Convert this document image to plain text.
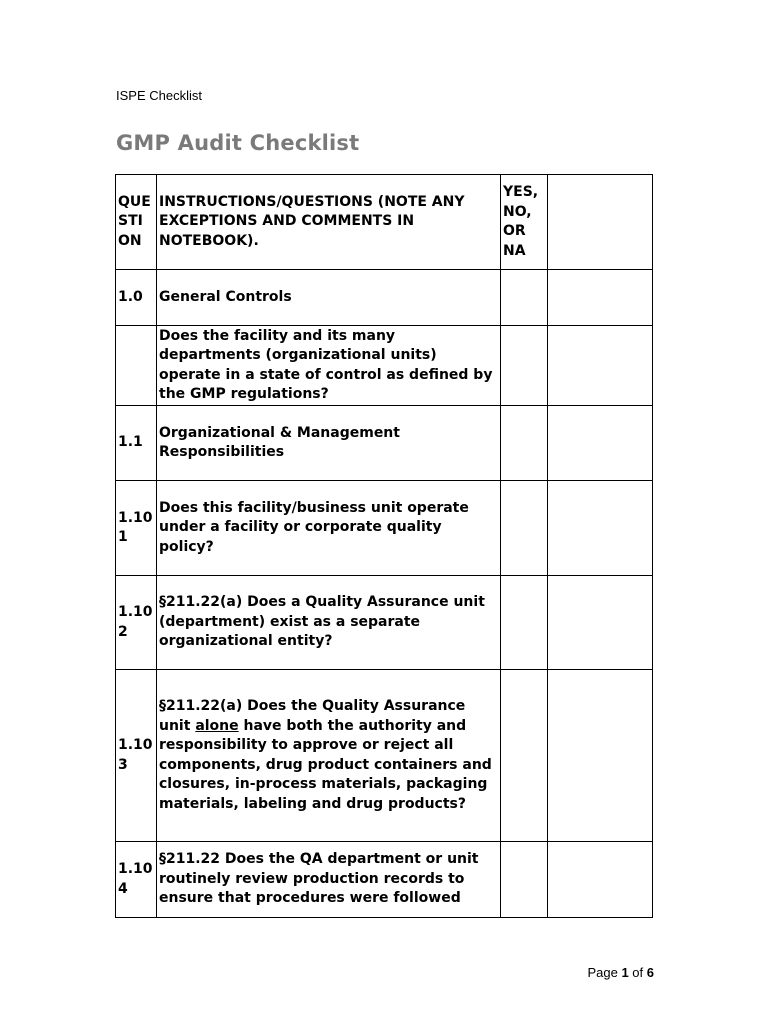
ISPE Checklist
GMP Audit Checklist
QUESTION	INSTRUCTIONS/QUESTIONS (NOTE ANY EXCEPTIONS AND COMMENTS IN NOTEBOOK).	YES, NO, OR NA	
1.0	General Controls		
	Does the facility and its many departments (organizational units) operate in a state of control as defined by the GMP regulations?		
1.1	Organizational & Management Responsibilities		
1.101	Does this facility/business unit operate under a facility or corporate quality policy?		
1.102	§211.22(a) Does a Quality Assurance unit (department) exist as a separate organizational entity?		
1.103	§211.22(a) Does the Quality Assurance unit alone have both the authority and responsibility to approve or reject all components, drug product containers and closures, in-process materials, packaging materials, labeling and drug products?		
1.104	§211.22 Does the QA department or unit routinely review production records to ensure that procedures were followed		
Page 1 of 6
